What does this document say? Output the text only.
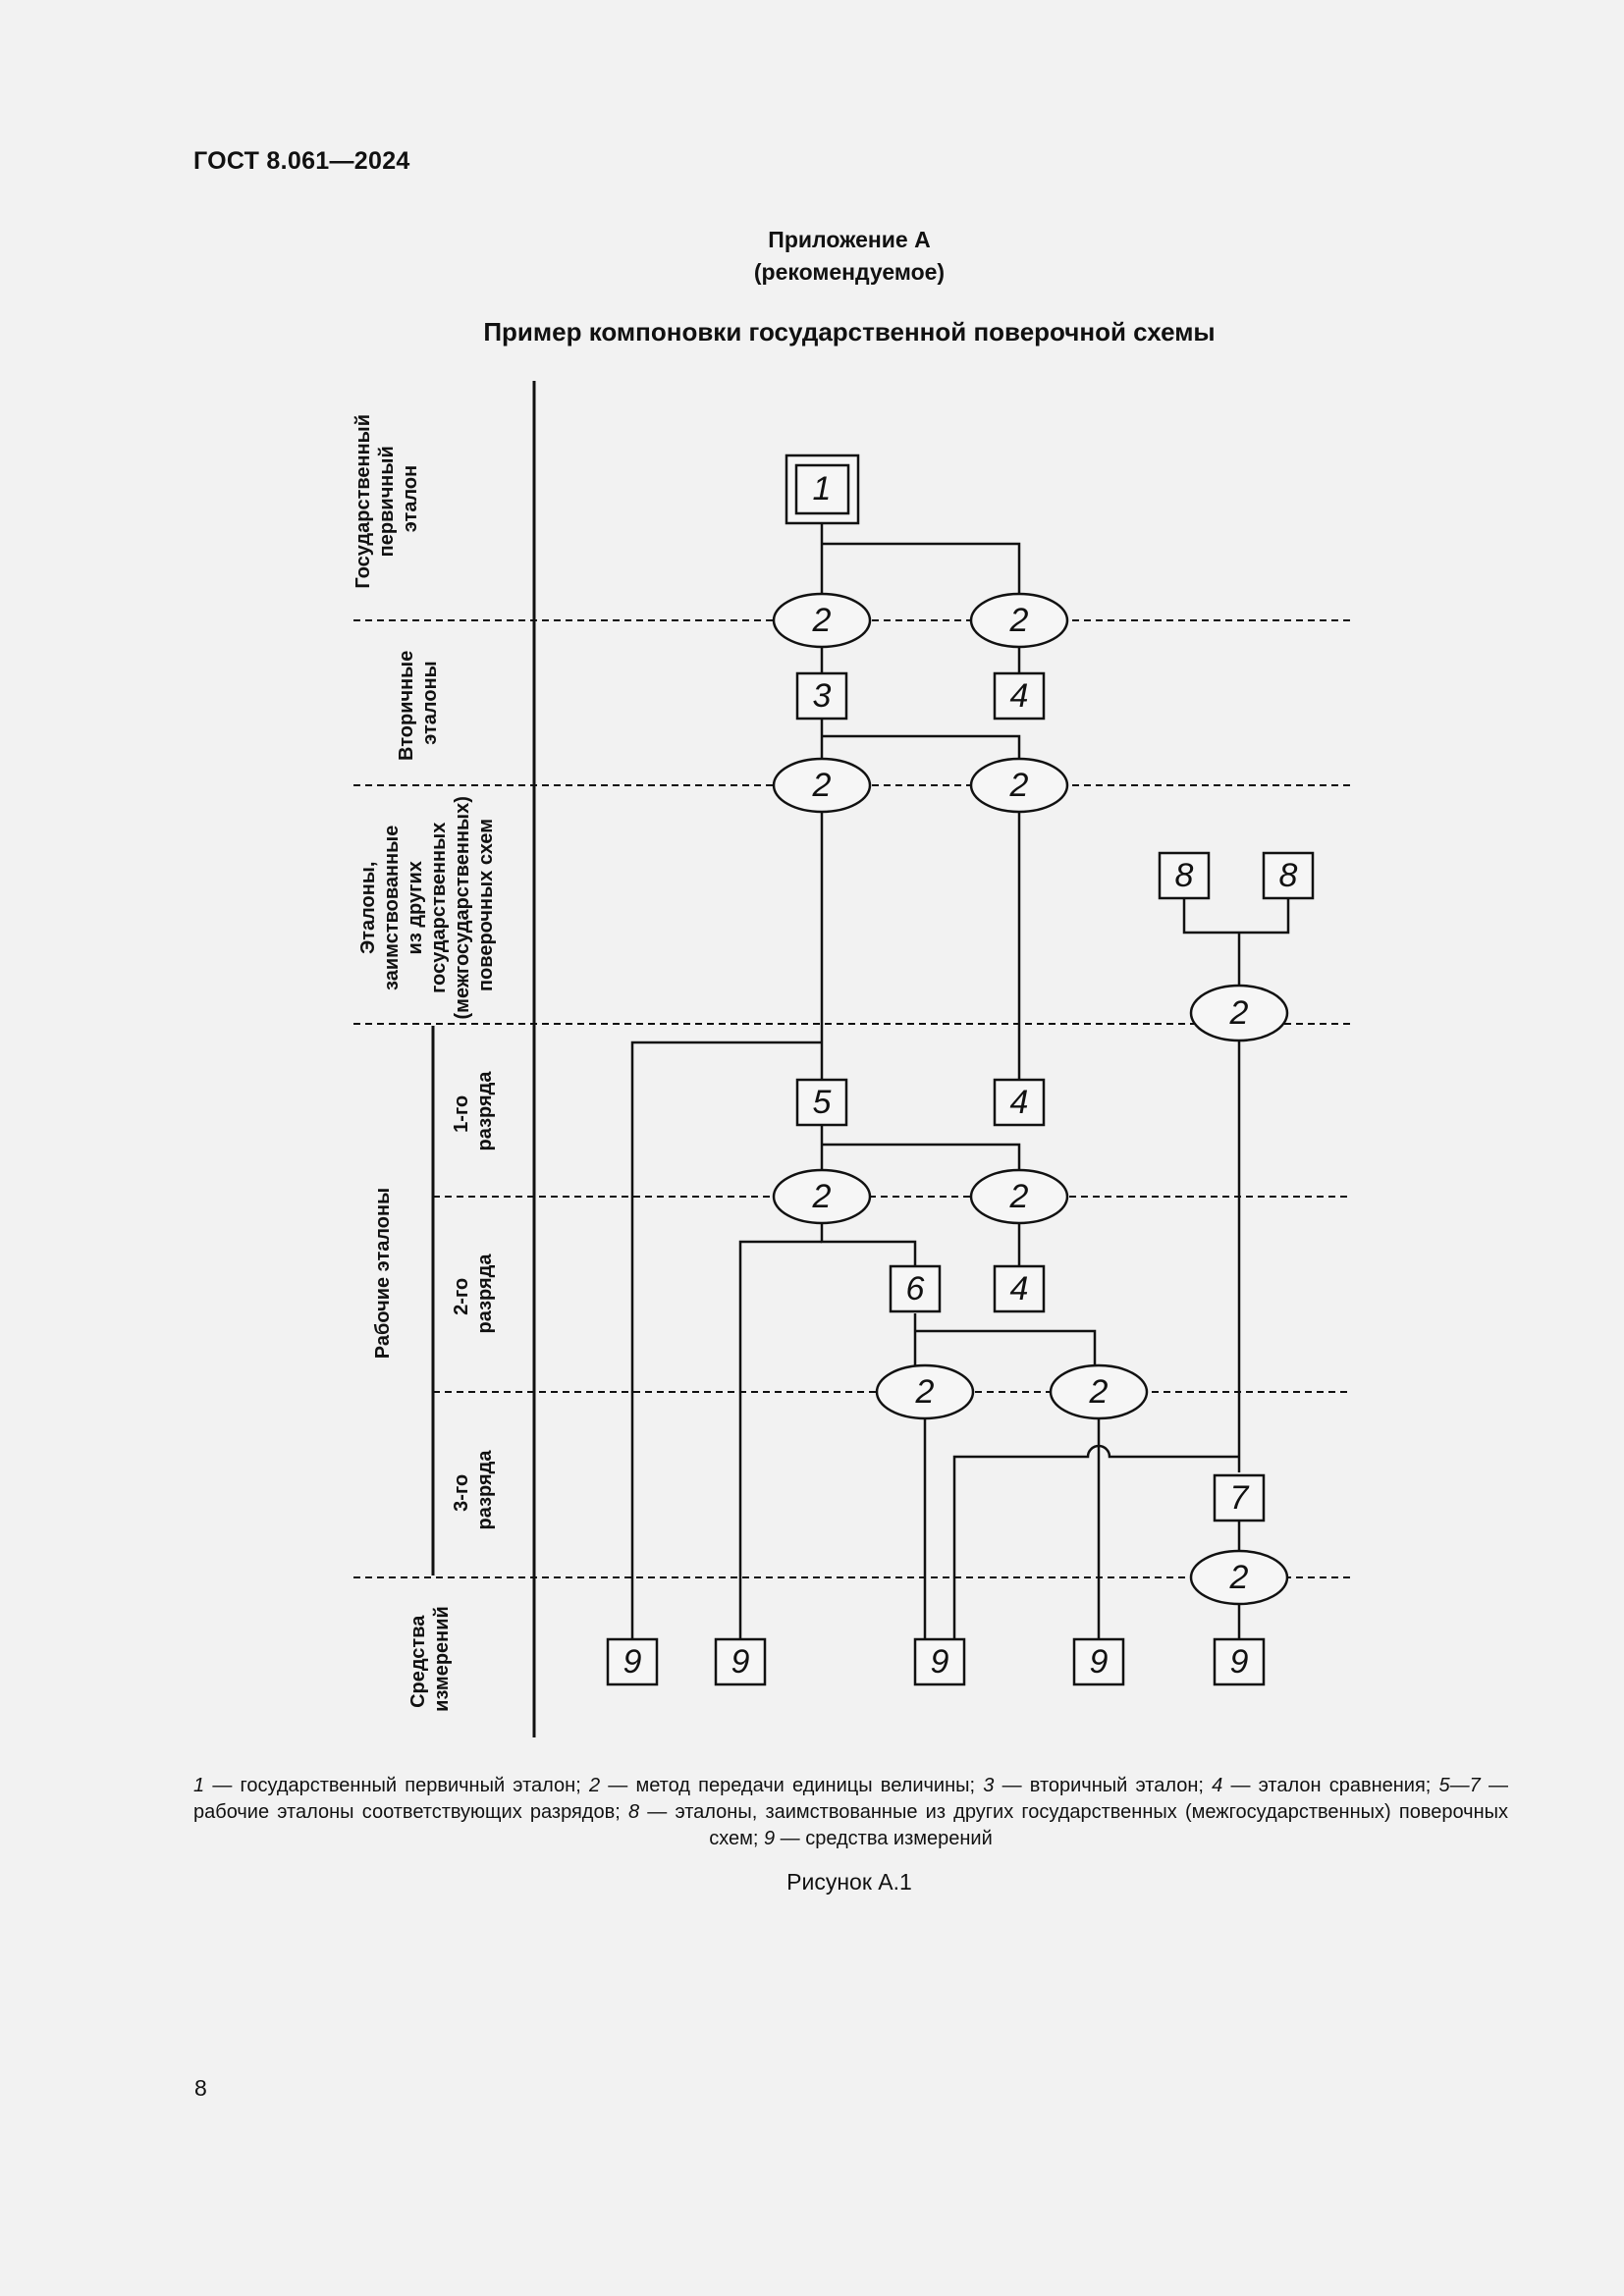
ГОСТ 8.061—2024
Приложение А
(рекомендуемое)
Пример компоновки государственной поверочной схемы
Государственный первичный эталон
Вторичные эталоны
Эталоны, заимствованные из других государственных (межгосударственных) поверочных схем
Рабочие эталоны
1-го разряда
2-го разряда
3-го разряда
Средства измерений
1
2	2
2	2
2
2	2
2	2
2
3	4
8	8
5	4
6	4
7
9	9	9	9	9
1 — государственный первичный эталон; 2 — метод передачи единицы величины; 3 — вторичный эталон; 4 — эталон сравнения; 5—7 — рабочие эталоны соответствующих разрядов; 8 — эталоны, заимствованные из других государственных (межгосударственных) поверочных схем; 9 — средства измерений
Рисунок А.1
8
